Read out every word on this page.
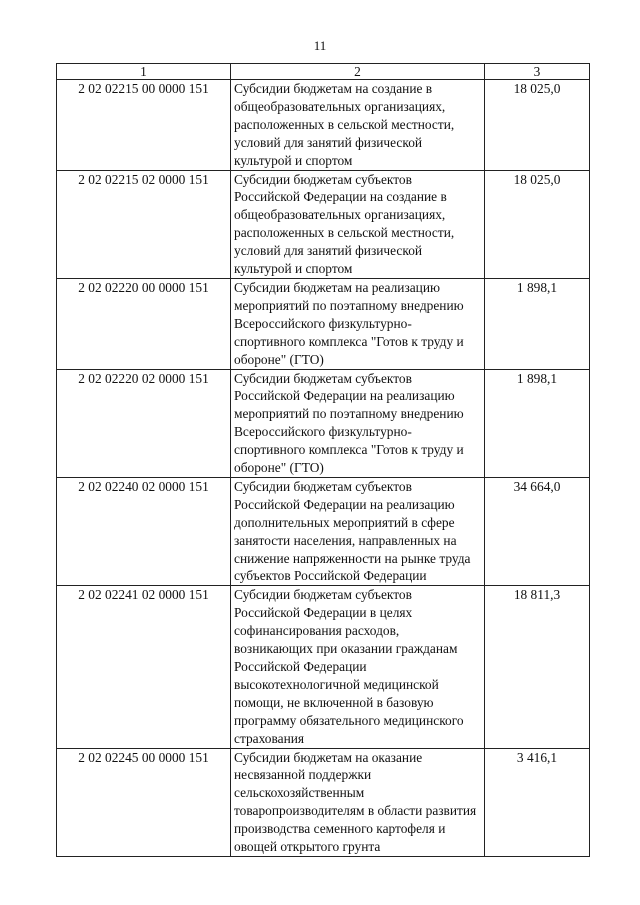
11
1	2	3
2 02 02215 00 0000 151	Субсидии бюджетам на создание в общеобразовательных организациях, расположенных в сельской местности, условий для занятий физической культурой и спортом	18 025,0
2 02 02215 02 0000 151	Субсидии бюджетам субъектов Российской Федерации на создание в общеобразовательных организациях, расположенных в сельской местности, условий для занятий физической культурой и спортом	18 025,0
2 02 02220 00 0000 151	Субсидии бюджетам на реализацию мероприятий по поэтапному внедрению Всероссийского физкультурно-спортивного комплекса "Готов к труду и обороне" (ГТО)	1 898,1
2 02 02220 02 0000 151	Субсидии бюджетам субъектов Российской Федерации на реализацию мероприятий по поэтапному внедрению Всероссийского физкультурно-спортивного комплекса "Готов к труду и обороне" (ГТО)	1 898,1
2 02 02240 02 0000 151	Субсидии бюджетам субъектов Российской Федерации на реализацию дополнительных мероприятий в сфере занятости населения, направленных на снижение напряженности на рынке труда субъектов Российской Федерации	34 664,0
2 02 02241 02 0000 151	Субсидии бюджетам субъектов Российской Федерации в целях софинансирования расходов, возникающих при оказании гражданам Российской Федерации высокотехнологичной медицинской помощи, не включенной в базовую программу обязательного медицинского страхования	18 811,3
2 02 02245 00 0000 151	Субсидии бюджетам на оказание несвязанной поддержки сельскохозяйственным товаропроизводителям в области развития производства семенного картофеля и овощей открытого грунта	3 416,1
